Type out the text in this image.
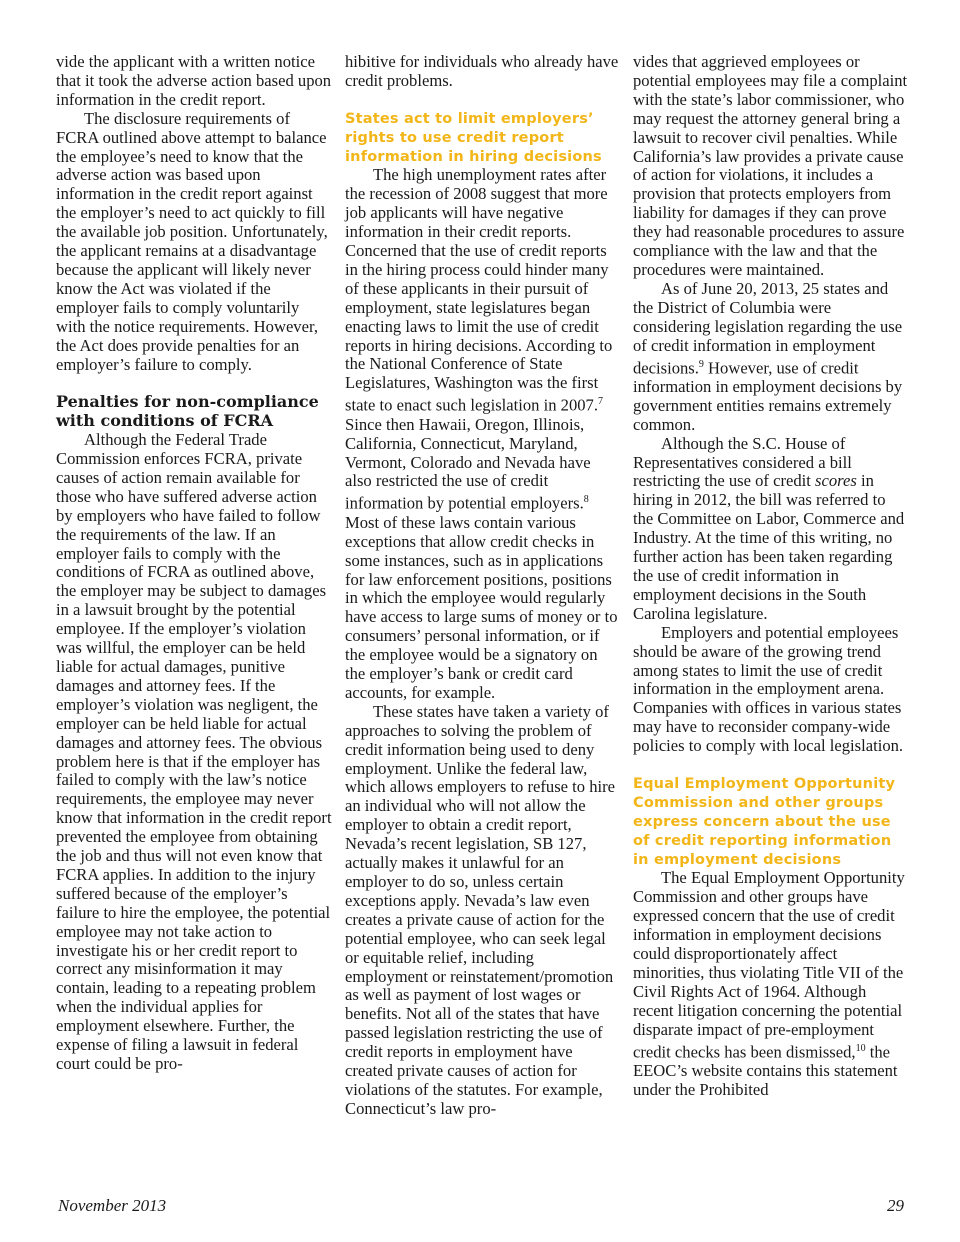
vide the applicant with a written notice that it took the adverse action based upon information in the credit report.

The disclosure requirements of FCRA outlined above attempt to balance the employee’s need to know that the adverse action was based upon information in the credit report against the employer’s need to act quickly to fill the available job position. Unfortunately, the applicant remains at a disadvantage because the applicant will likely never know the Act was violated if the employer fails to comply voluntarily with the notice requirements. However, the Act does provide penalties for an employer’s failure to comply.

Penalties for non-compliance with conditions of FCRA

Although the Federal Trade Commission enforces FCRA, private causes of action remain available for those who have suffered adverse action by employers who have failed to follow the requirements of the law. If an employer fails to comply with the conditions of FCRA as outlined above, the employer may be subject to damages in a lawsuit brought by the potential employee. If the employer’s violation was willful, the employer can be held liable for actual damages, punitive damages and attorney fees. If the employer’s violation was negligent, the employer can be held liable for actual damages and attorney fees. The obvious problem here is that if the employer has failed to comply with the law’s notice requirements, the employee may never know that information in the credit report prevented the employee from obtaining the job and thus will not even know that FCRA applies. In addition to the injury suffered because of the employer’s failure to hire the employee, the potential employee may not take action to investigate his or her credit report to correct any misinformation it may contain, leading to a repeating problem when the individual applies for employment elsewhere. Further, the expense of filing a lawsuit in federal court could be pro-

hibitive for individuals who already have credit problems.

States act to limit employers’ rights to use credit report information in hiring decisions

The high unemployment rates after the recession of 2008 suggest that more job applicants will have negative information in their credit reports. Concerned that the use of credit reports in the hiring process could hinder many of these applicants in their pursuit of employment, state legislatures began enacting laws to limit the use of credit reports in hiring decisions. According to the National Conference of State Legislatures, Washington was the first state to enact such legislation in 2007.$^7$ Since then Hawaii, Oregon, Illinois, California, Connecticut, Maryland, Vermont, Colorado and Nevada have also restricted the use of credit information by potential employers.$^8$ Most of these laws contain various exceptions that allow credit checks in some instances, such as in applications for law enforcement positions, positions in which the employee would regularly have access to large sums of money or to consumers’ personal information, or if the employee would be a signatory on the employer’s bank or credit card accounts, for example.

These states have taken a variety of approaches to solving the problem of credit information being used to deny employment. Unlike the federal law, which allows employers to refuse to hire an individual who will not allow the employer to obtain a credit report, Nevada’s recent legislation, SB 127, actually makes it unlawful for an employer to do so, unless certain exceptions apply. Nevada’s law even creates a private cause of action for the potential employee, who can seek legal or equitable relief, including employment or reinstatement/promotion as well as payment of lost wages or benefits. Not all of the states that have passed legislation restricting the use of credit reports in employment have created private causes of action for violations of the statutes. For example, Connecticut’s law pro-

vides that aggrieved employees or potential employees may file a complaint with the state’s labor commissioner, who may request the attorney general bring a lawsuit to recover civil penalties. While California’s law provides a private cause of action for violations, it includes a provision that protects employers from liability for damages if they can prove they had reasonable procedures to assure compliance with the law and that the procedures were maintained.

As of June 20, 2013, 25 states and the District of Columbia were considering legislation regarding the use of credit information in employment decisions.$^9$ However, use of credit information in employment decisions by government entities remains extremely common.

Although the S.C. House of Representatives considered a bill restricting the use of credit scores in hiring in 2012, the bill was referred to the Committee on Labor, Commerce and Industry. At the time of this writing, no further action has been taken regarding the use of credit information in employment decisions in the South Carolina legislature.

Employers and potential employees should be aware of the growing trend among states to limit the use of credit information in the employment arena. Companies with offices in various states may have to reconsider company-wide policies to comply with local legislation.

Equal Employment Opportunity Commission and other groups express concern about the use of credit reporting information in employment decisions

The Equal Employment Opportunity Commission and other groups have expressed concern that the use of credit information in employment decisions could disproportionately affect minorities, thus violating Title VII of the Civil Rights Act of 1964. Although recent litigation concerning the potential disparate impact of pre-employment credit checks has been dismissed,$^{10}$ the EEOC’s website contains this statement under the Prohibited

November 2013	29
